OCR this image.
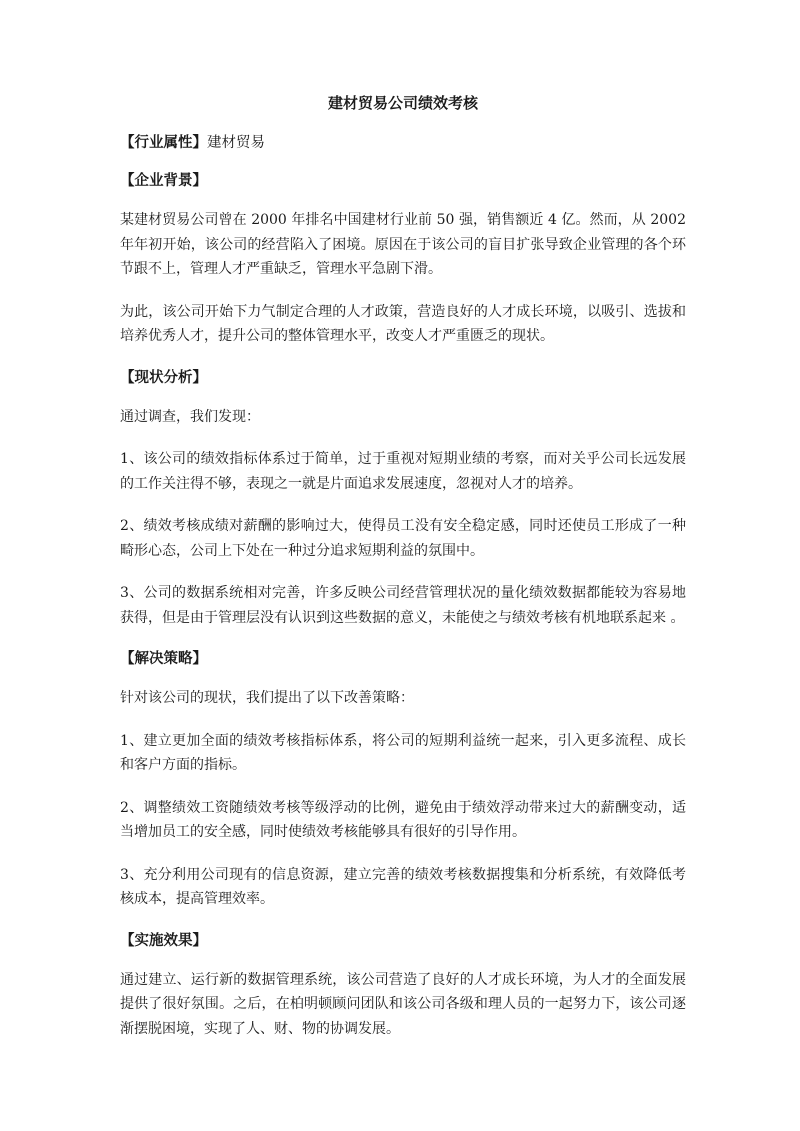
建材贸易公司绩效考核
【行业属性】建材贸易
【企业背景】

某建材贸易公司曾在 2000 年排名中国建材行业前 50 强，销售额近 4 亿。然而，从 2002 年年初开始，该公司的经营陷入了困境。原因在于该公司的盲目扩张导致企业管理的各个环节跟不上，管理人才严重缺乏，管理水平急剧下滑。

为此，该公司开始下力气制定合理的人才政策，营造良好的人才成长环境，以吸引、选拔和培养优秀人才，提升公司的整体管理水平，改变人才严重匮乏的现状。

【现状分析】

通过调查，我们发现：

1、该公司的绩效指标体系过于简单，过于重视对短期业绩的考察，而对关乎公司长远发展的工作关注得不够，表现之一就是片面追求发展速度，忽视对人才的培养。

2、绩效考核成绩对薪酬的影响过大，使得员工没有安全稳定感，同时还使员工形成了一种畸形心态，公司上下处在一种过分追求短期利益的氛围中。

3、公司的数据系统相对完善，许多反映公司经营管理状况的量化绩效数据都能较为容易地获得，但是由于管理层没有认识到这些数据的意义，未能使之与绩效考核有机地联系起来 。

【解决策略】

针对该公司的现状，我们提出了以下改善策略：

1、建立更加全面的绩效考核指标体系，将公司的短期利益统一起来，引入更多流程、成长和客户方面的指标。

2、调整绩效工资随绩效考核等级浮动的比例，避免由于绩效浮动带来过大的薪酬变动，适当增加员工的安全感，同时使绩效考核能够具有很好的引导作用。

3、充分利用公司现有的信息资源，建立完善的绩效考核数据搜集和分析系统，有效降低考核成本，提高管理效率。

【实施效果】

通过建立、运行新的数据管理系统，该公司营造了良好的人才成长环境，为人才的全面发展提供了很好氛围。之后，在柏明顿顾问团队和该公司各级和理人员的一起努力下，该公司逐渐摆脱困境，实现了人、财、物的协调发展。
